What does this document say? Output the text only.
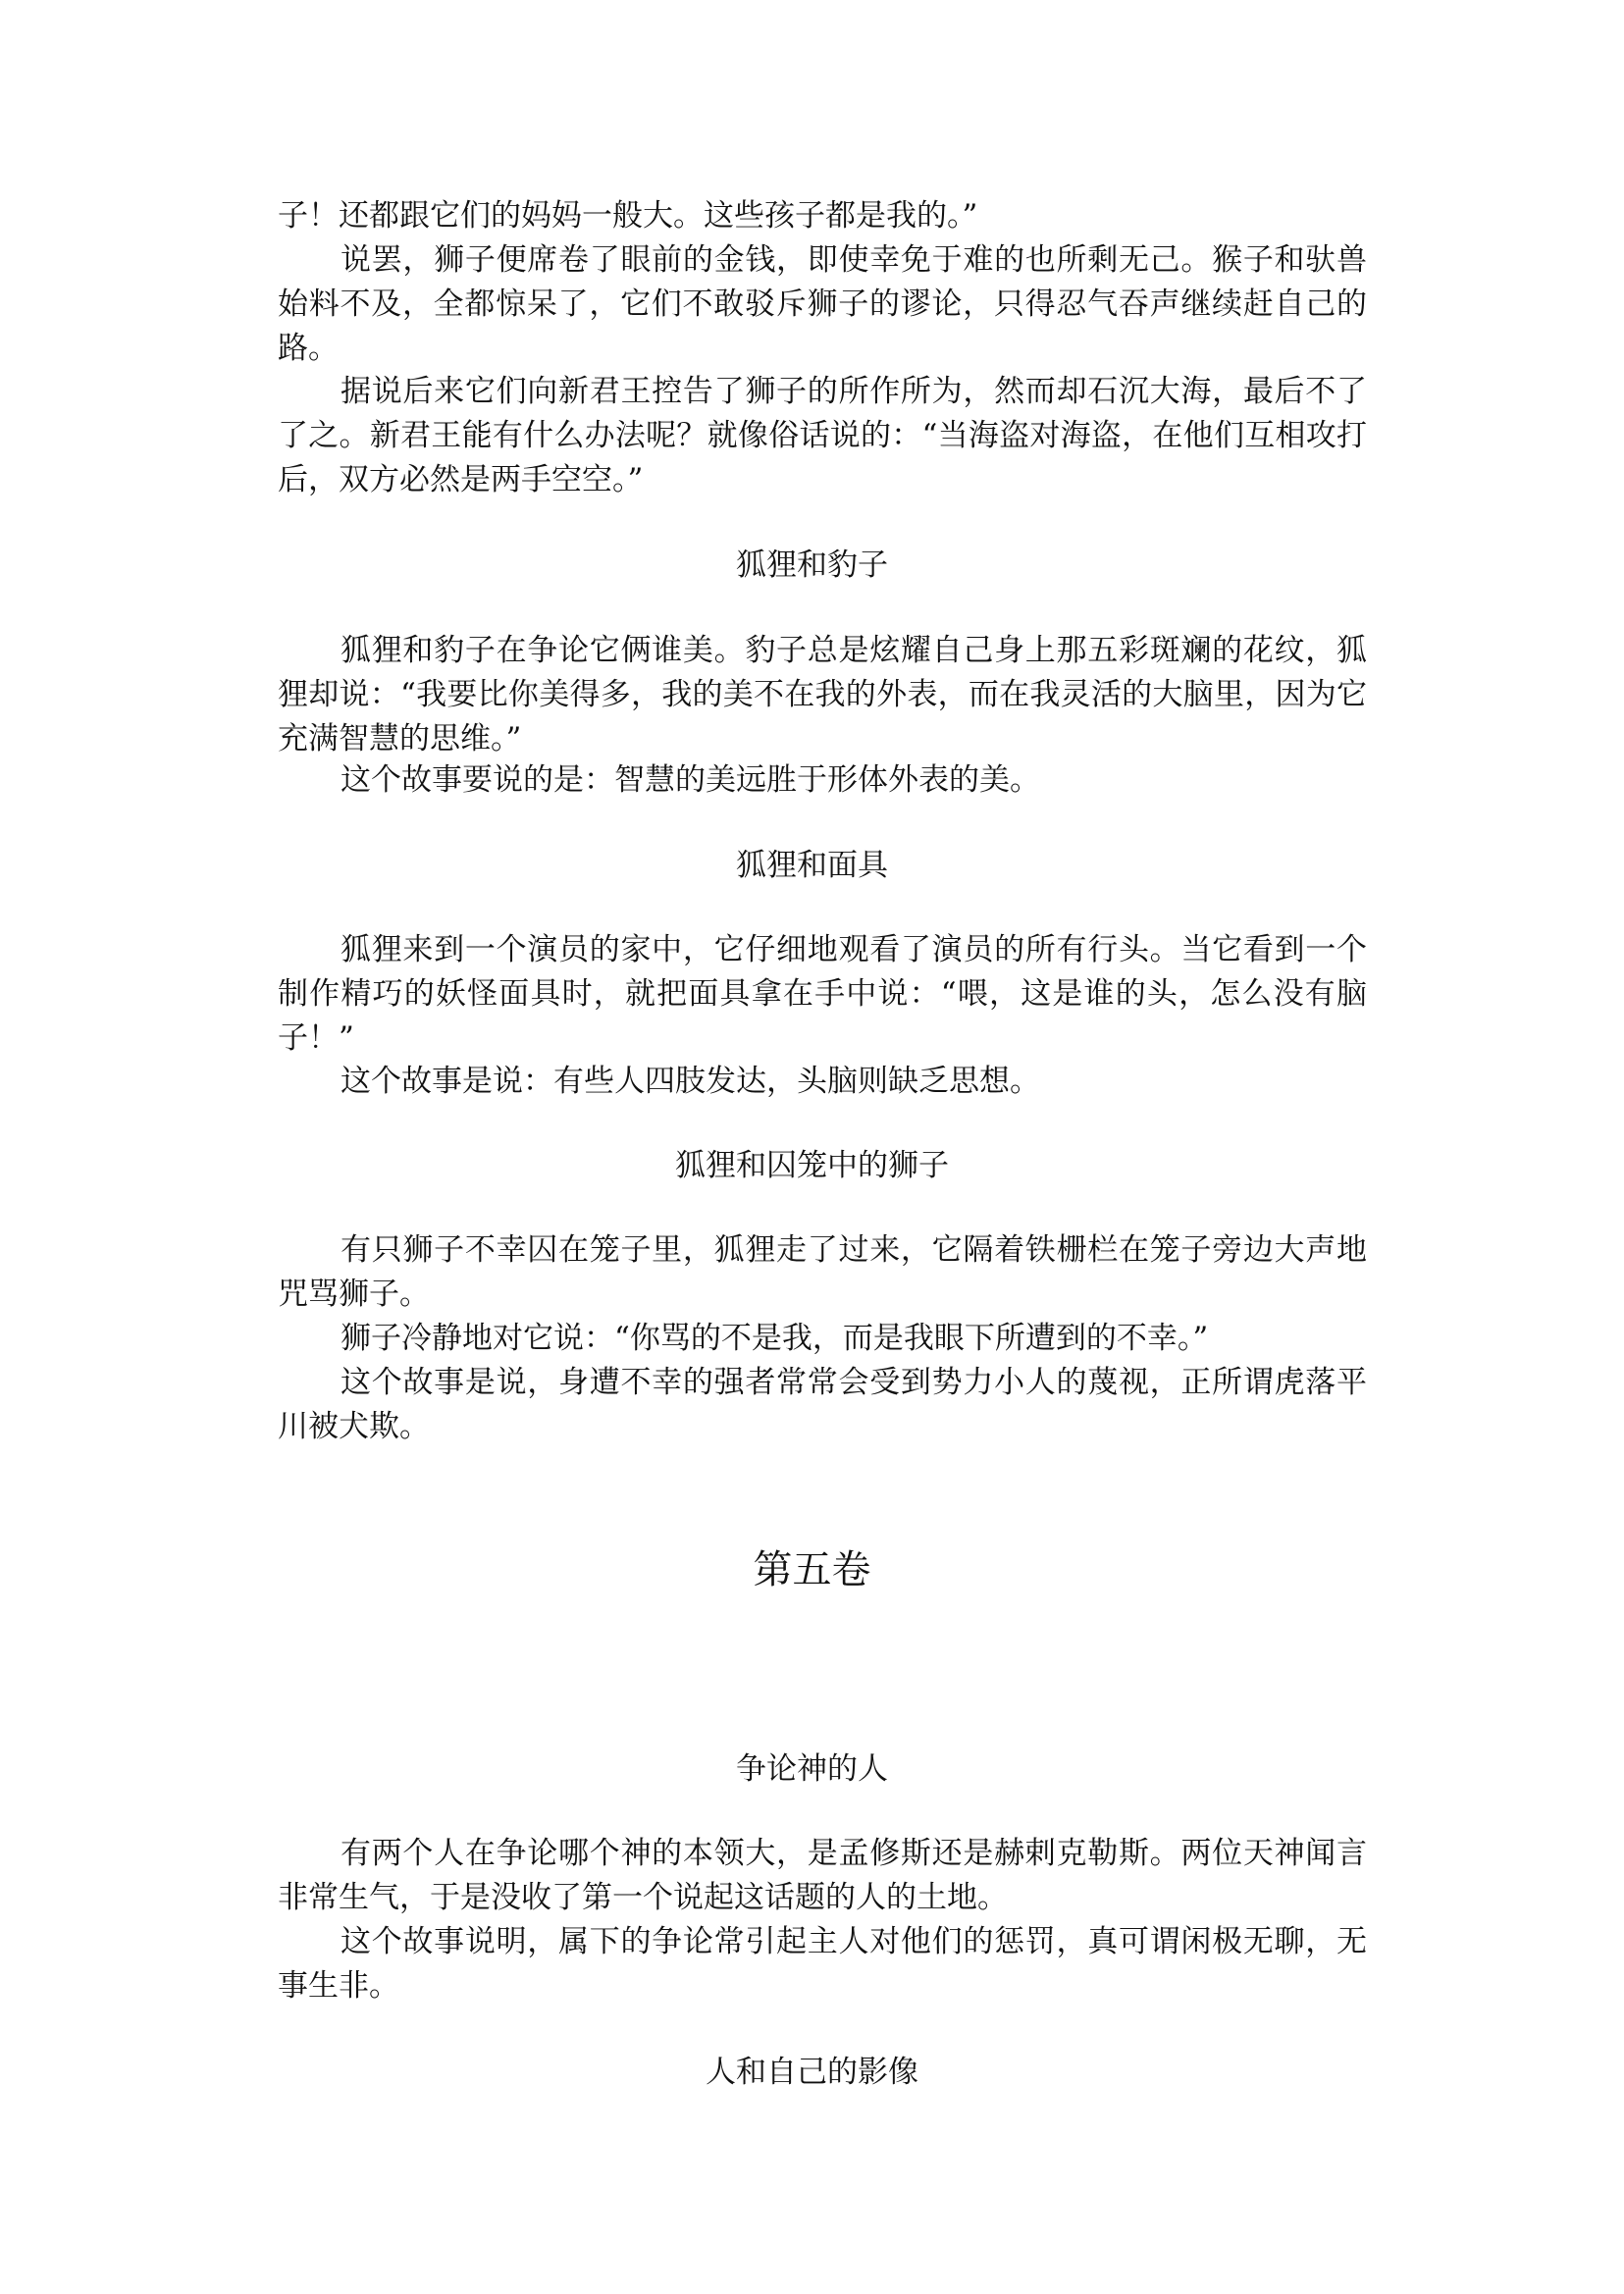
子！还都跟它们的妈妈一般大。这些孩子都是我的。”

说罢，狮子便席卷了眼前的金钱，即使幸免于难的也所剩无己。猴子和驮兽始料不及，全都惊呆了，它们不敢驳斥狮子的谬论，只得忍气吞声继续赶自己的路。

据说后来它们向新君王控告了狮子的所作所为，然而却石沉大海，最后不了了之。新君王能有什么办法呢？就像俗话说的：“当海盗对海盗，在他们互相攻打后，双方必然是两手空空。”

狐狸和豹子

狐狸和豹子在争论它俩谁美。豹子总是炫耀自己身上那五彩斑斓的花纹，狐狸却说：“我要比你美得多，我的美不在我的外表，而在我灵活的大脑里，因为它充满智慧的思维。”

这个故事要说的是：智慧的美远胜于形体外表的美。

狐狸和面具

狐狸来到一个演员的家中，它仔细地观看了演员的所有行头。当它看到一个制作精巧的妖怪面具时，就把面具拿在手中说：“喂，这是谁的头，怎么没有脑子！”

这个故事是说：有些人四肢发达，头脑则缺乏思想。

狐狸和囚笼中的狮子

有只狮子不幸囚在笼子里，狐狸走了过来，它隔着铁栅栏在笼子旁边大声地咒骂狮子。

狮子冷静地对它说：“你骂的不是我，而是我眼下所遭到的不幸。”

这个故事是说，身遭不幸的强者常常会受到势力小人的蔑视，正所谓虎落平川被犬欺。

第五卷
争论神的人

有两个人在争论哪个神的本领大，是孟修斯还是赫剌克勒斯。两位天神闻言非常生气，于是没收了第一个说起这话题的人的土地。

这个故事说明，属下的争论常引起主人对他们的惩罚，真可谓闲极无聊，无事生非。

人和自己的影像
